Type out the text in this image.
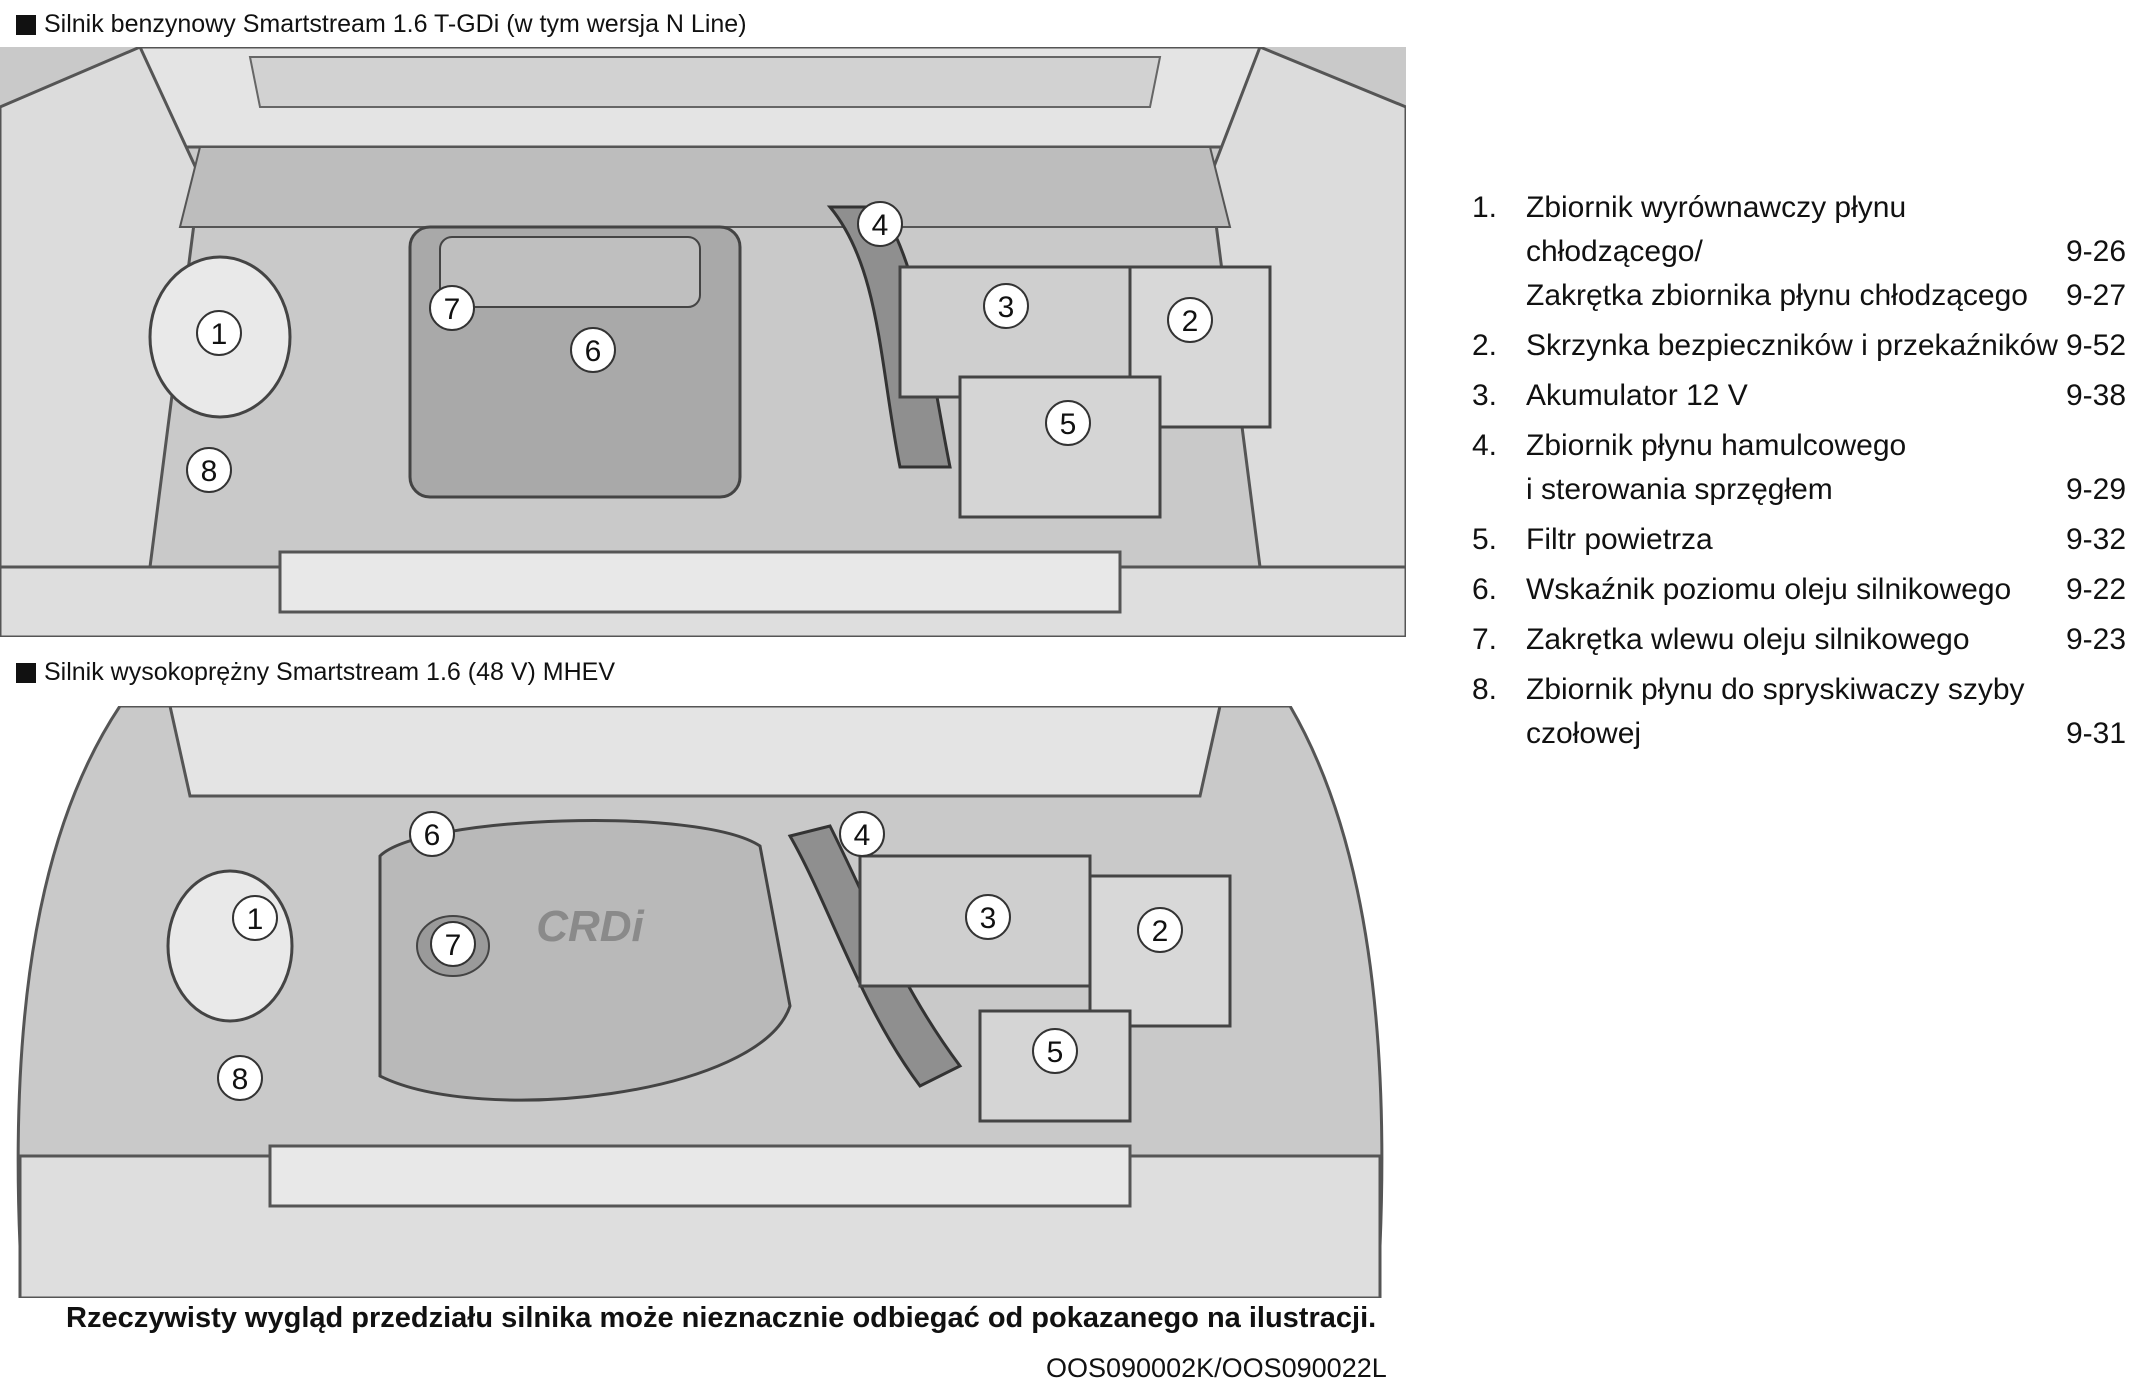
Silnik benzynowy Smartstream 1.6 T-GDi (w tym wersja N Line)
1	2
3
4
5
6
7
8
Silnik wysokoprężny Smartstream 1.6 (48 V) MHEV
CRDi
1	2
3
4
5
6
7
8
1. Zbiornik wyrównawczy płynu
chłodzącego/	9-26
Zakrętka zbiornika płynu chłodzącego	9-27
2. Skrzynka bezpieczników i przekaźników 9-52
3. Akumulator 12 V	9-38
4. Zbiornik płynu hamulcowego
i sterowania sprzęgłem	9-29
5. Filtr powietrza	9-32
6. Wskaźnik poziomu oleju silnikowego	9-22
7. Zakrętka wlewu oleju silnikowego	9-23
8. Zbiornik płynu do spryskiwaczy szyby
czołowej	9-31
Rzeczywisty wygląd przedziału silnika może nieznacznie odbiegać od pokazanego na ilustracji.
OOS090002K/OOS090022L
